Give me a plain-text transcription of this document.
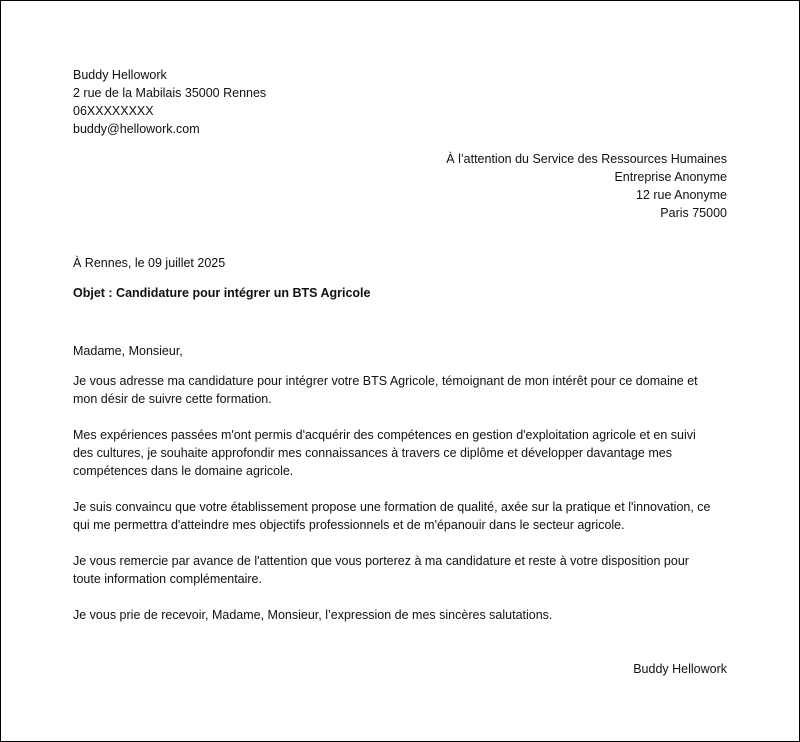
Buddy Hellowork
2 rue de la Mabilais 35000 Rennes
06XXXXXXXX
buddy@hellowork.com
À l’attention du Service des Ressources Humaines
Entreprise Anonyme
12 rue Anonyme
Paris 75000
À Rennes, le 09 juillet 2025
Objet : Candidature pour intégrer un BTS Agricole
Madame, Monsieur,

Je vous adresse ma candidature pour intégrer votre BTS Agricole, témoignant de mon intérêt pour ce domaine et
mon désir de suivre cette formation.

Mes expériences passées m'ont permis d'acquérir des compétences en gestion d'exploitation agricole et en suivi
des cultures, je souhaite approfondir mes connaissances à travers ce diplôme et développer davantage mes
compétences dans le domaine agricole.

Je suis convaincu que votre établissement propose une formation de qualité, axée sur la pratique et l'innovation, ce
qui me permettra d'atteindre mes objectifs professionnels et de m'épanouir dans le secteur agricole.

Je vous remercie par avance de l'attention que vous porterez à ma candidature et reste à votre disposition pour
toute information complémentaire.

Je vous prie de recevoir, Madame, Monsieur, l’expression de mes sincères salutations.

Buddy Hellowork
